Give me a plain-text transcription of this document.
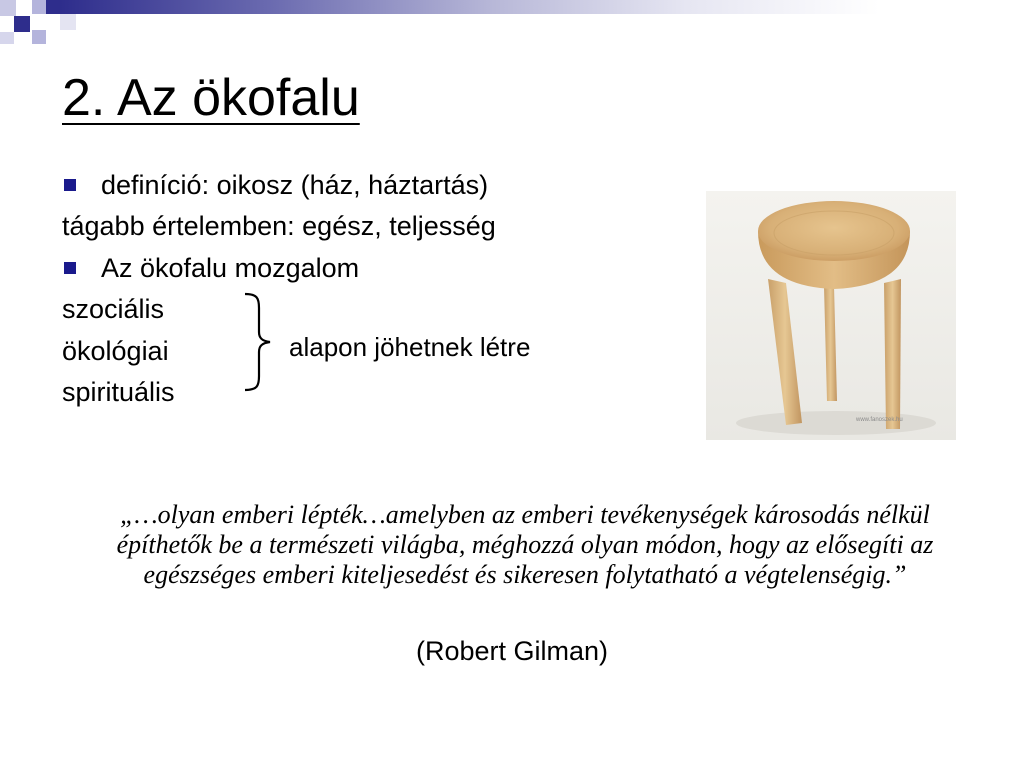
2. Az ökofalu
definíció: oikosz (ház, háztartás)
tágabb értelemben: egész, teljesség
Az ökofalu mozgalom
szociális
ökológiai
spirituális
alapon jöhetnek létre
www.fanoszek.hu
„…olyan emberi lépték…amelyben az emberi tevékenységek károsodás nélkül építhetők be a természeti világba, méghozzá olyan módon, hogy az elősegíti az egészséges emberi kiteljesedést és sikeresen folytatható a végtelenségig.”
(Robert Gilman)
